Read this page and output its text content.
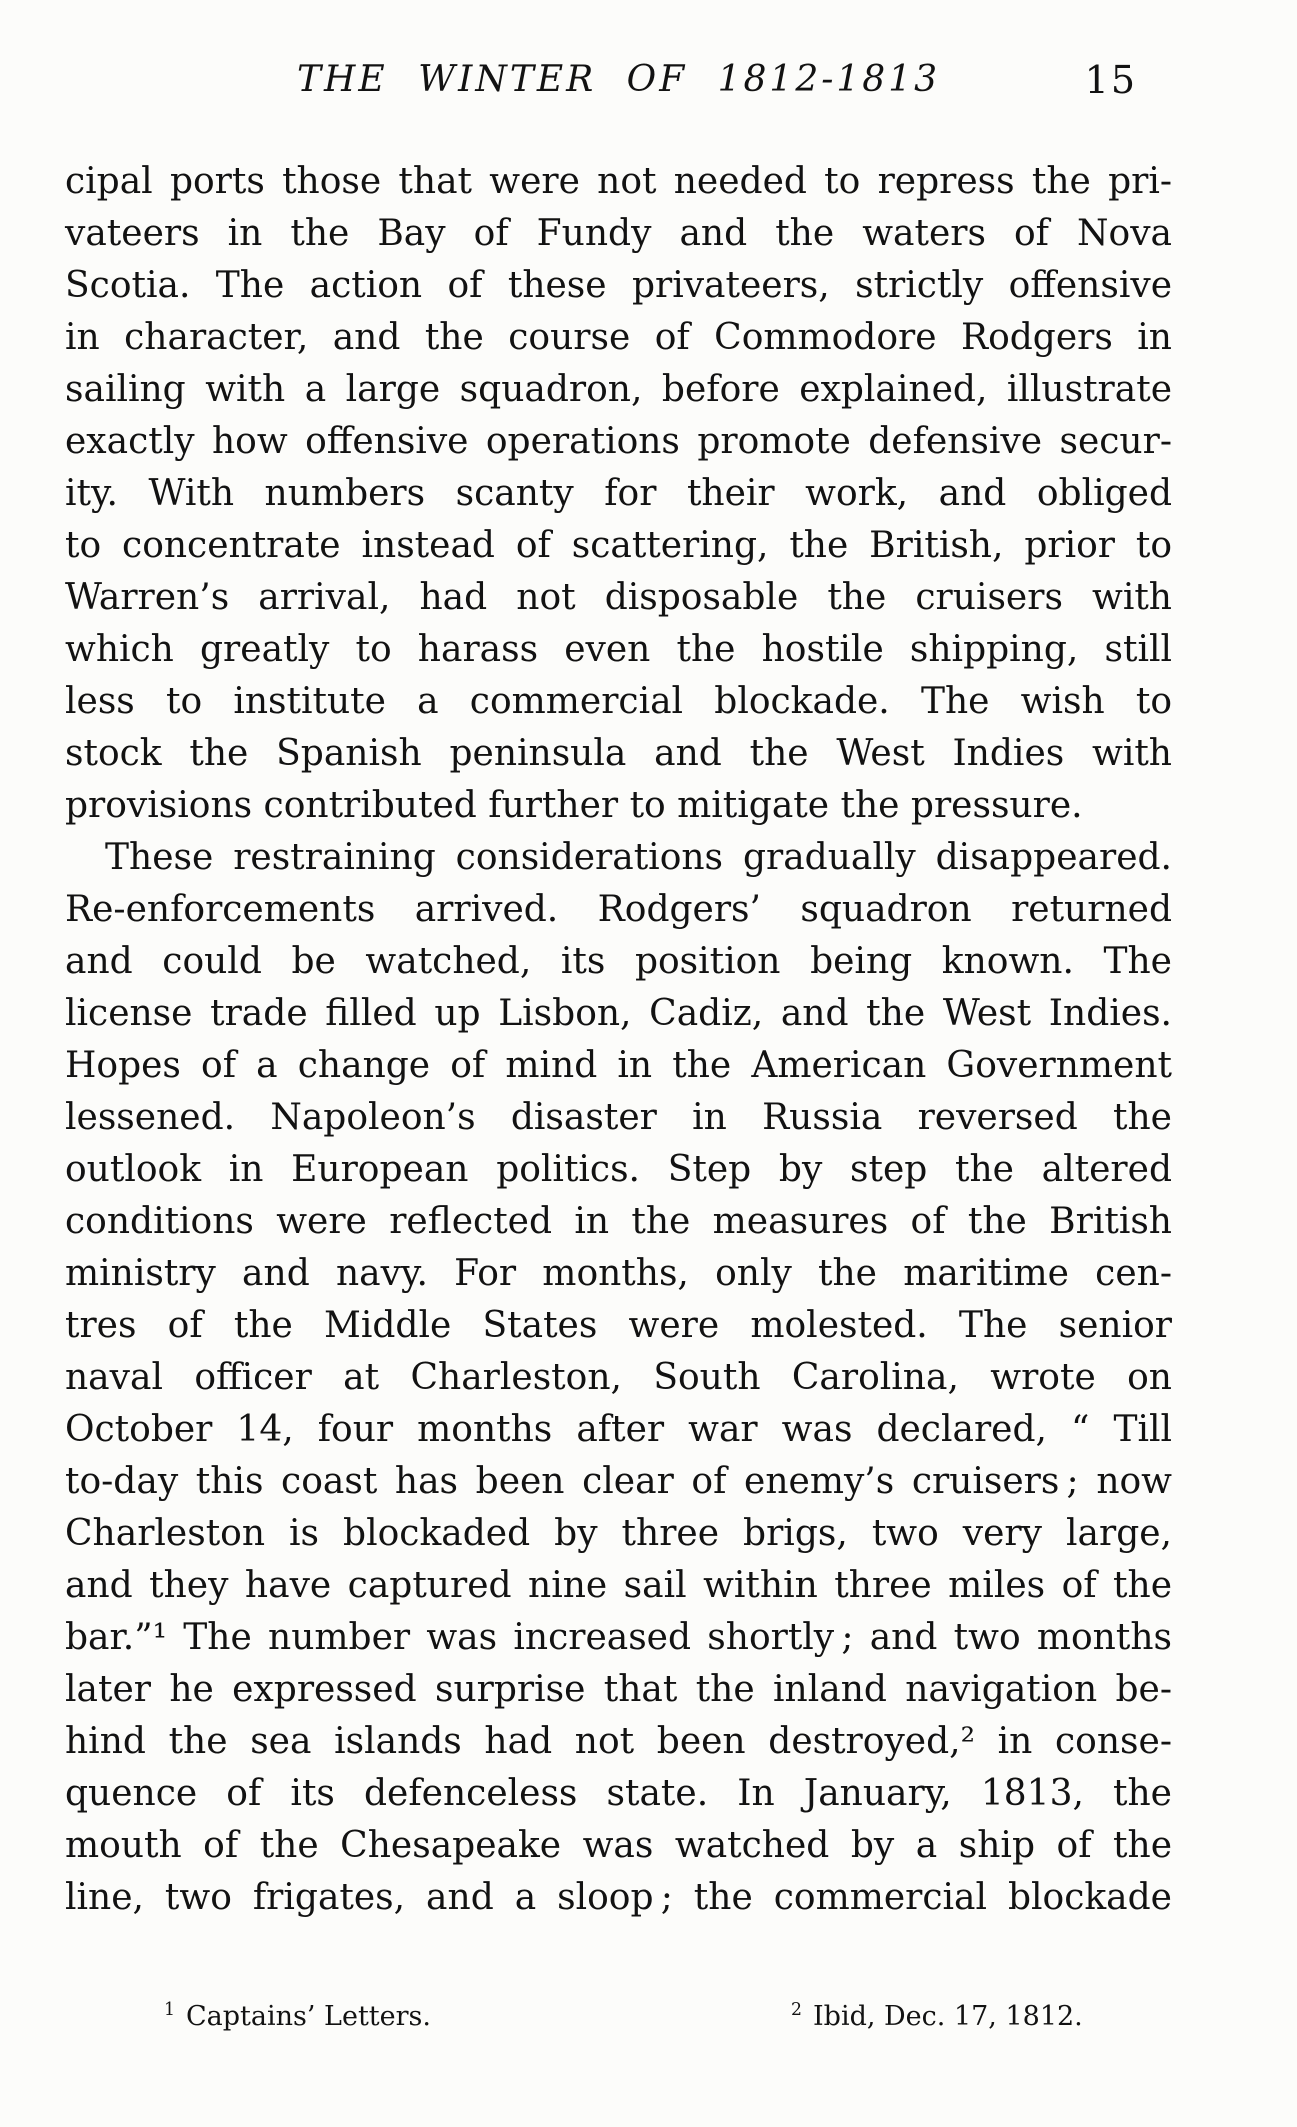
THE WINTER OF 1812-1813	15
cipal ports those that were not needed to repress the pri-
vateers in the Bay of Fundy and the waters of Nova
Scotia. The action of these privateers, strictly offensive
in character, and the course of Commodore Rodgers in
sailing with a large squadron, before explained, illustrate
exactly how offensive operations promote defensive secur-
ity. With numbers scanty for their work, and obliged
to concentrate instead of scattering, the British, prior to
Warren’s arrival, had not disposable the cruisers with
which greatly to harass even the hostile shipping, still
less to institute a commercial blockade. The wish to
stock the Spanish peninsula and the West Indies with
provisions contributed further to mitigate the pressure.
These restraining considerations gradually disappeared.
Re-enforcements arrived. Rodgers’ squadron returned
and could be watched, its position being known. The
license trade filled up Lisbon, Cadiz, and the West Indies.
Hopes of a change of mind in the American Government
lessened. Napoleon’s disaster in Russia reversed the
outlook in European politics. Step by step the altered
conditions were reflected in the measures of the British
ministry and navy. For months, only the maritime cen-
tres of the Middle States were molested. The senior
naval officer at Charleston, South Carolina, wrote on
October 14, four months after war was declared, “ Till
to-day this coast has been clear of enemy’s cruisers ; now
Charleston is blockaded by three brigs, two very large,
and they have captured nine sail within three miles of the
bar.”¹ The number was increased shortly ; and two months
later he expressed surprise that the inland navigation be-
hind the sea islands had not been destroyed,² in conse-
quence of its defenceless state. In January, 1813, the
mouth of the Chesapeake was watched by a ship of the
line, two frigates, and a sloop ; the commercial blockade
$^1$ Captains’ Letters.	$^2$ Ibid, Dec. 17, 1812.
